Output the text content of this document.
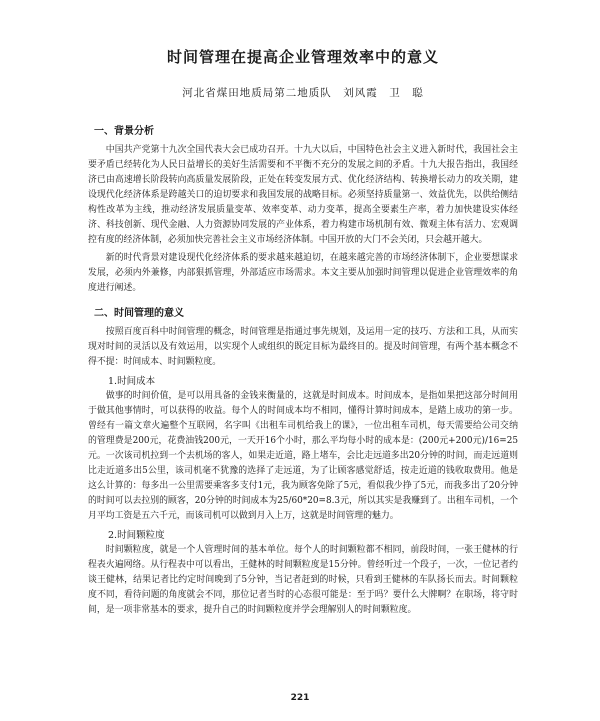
时间管理在提高企业管理效率中的意义
河北省煤田地质局第二地质队　刘风霞　卫　聪
一、背景分析

中国共产党第十九次全国代表大会已成功召开。十九大以后，中国特色社会主义进入新时代，我国社会主要矛盾已经转化为人民日益增长的美好生活需要和不平衡不充分的发展之间的矛盾。十九大报告指出，我国经济已由高速增长阶段转向高质量发展阶段，正处在转变发展方式、优化经济结构、转换增长动力的攻关期，建设现代化经济体系是跨越关口的迫切要求和我国发展的战略目标。必须坚持质量第一、效益优先，以供给侧结构性改革为主线，推动经济发展质量变革、效率变革、动力变革，提高全要素生产率，着力加快建设实体经济、科技创新、现代金融、人力资源协同发展的产业体系，着力构建市场机制有效、微观主体有活力、宏观调控有度的经济体制，必须加快完善社会主义市场经济体制。中国开放的大门不会关闭，只会越开越大。

新的时代背景对建设现代化经济体系的要求越来越迫切，在越来越完善的市场经济体制下，企业要想谋求发展，必须内外兼修，内部狠抓管理，外部适应市场需求。本文主要从加强时间管理以促进企业管理效率的角度进行阐述。

二、时间管理的意义

按照百度百科中时间管理的概念，时间管理是指通过事先规划，及运用一定的技巧、方法和工具，从而实现对时间的灵活以及有效运用，以实现个人或组织的既定目标为最终目的。提及时间管理，有两个基本概念不得不提：时间成本、时间颗粒度。

1.时间成本

做事的时间价值，是可以用具备的金钱来衡量的，这就是时间成本。时间成本，是指如果把这部分时间用于做其他事情时，可以获得的收益。每个人的时间成本均不相同，懂得计算时间成本，是踏上成功的第一步。曾经有一篇文章火遍整个互联网，名字叫《出租车司机给我上的课》，一位出租车司机，每天需要给公司交纳的管理费是200元，花费油钱200元，一天开16个小时，那么平均每小时的成本是：(200元+200元)/16=25元。一次该司机拉到一个去机场的客人，如果走近道，路上堵车，会比走远道多出20分钟的时间，而走远道则比走近道多出5公里，该司机毫不犹豫的选择了走远道，为了让顾客感觉舒适，按走近道的钱收取费用。他是这么计算的：每多出一公里需要乘客多支付1元，我为顾客免除了5元，看似我少挣了5元，而我多出了20分钟的时间可以去拉别的顾客，20分钟的时间成本为25/60*20=8.3元，所以其实是我赚到了。出租车司机，一个月平均工资是五六千元，而该司机可以做到月入上万，这就是时间管理的魅力。

2.时间颗粒度

时间颗粒度，就是一个人管理时间的基本单位。每个人的时间颗粒都不相同，前段时间，一张王健林的行程表火遍网络。从行程表中可以看出，王健林的时间颗粒度是15分钟。曾经听过一个段子，一次，一位记者约谈王健林，结果记者比约定时间晚到了5分钟，当记者赶到的时候，只看到王健林的车队扬长而去。时间颗粒度不同，看待问题的角度就会不同，那位记者当时的心态很可能是：至于吗？要什么大牌啊？在职场，将守时间，是一项非常基本的要求，提升自己的时间颗粒度并学会理解别人的时间颗粒度。

221
